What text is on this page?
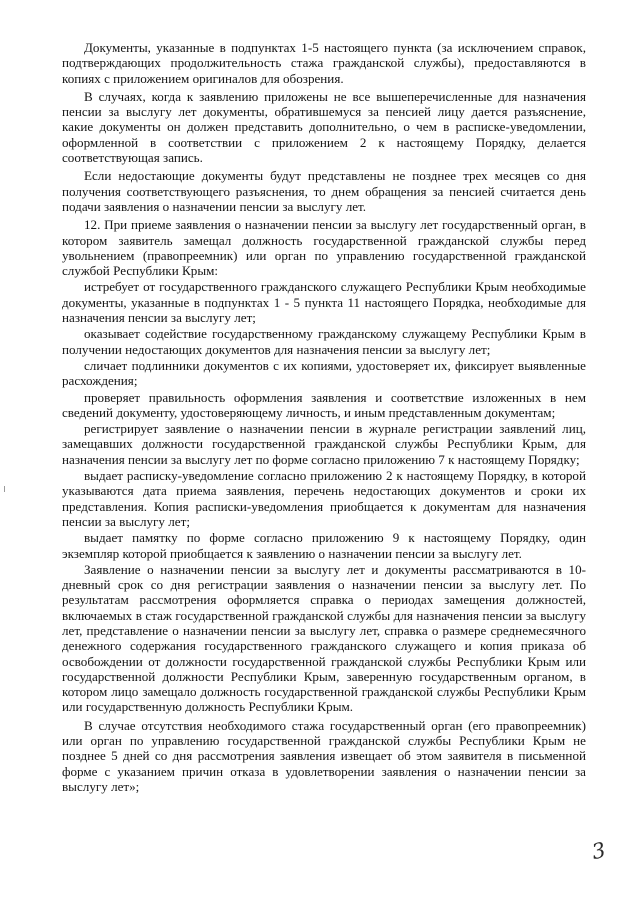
Документы, указанные в подпунктах 1-5 настоящего пункта (за исключением справок, подтверждающих продолжительность стажа гражданской службы), предоставляются в копиях с приложением оригиналов для обозрения.

В случаях, когда к заявлению приложены не все вышеперечисленные для назначения пенсии за выслугу лет документы, обратившемуся за пенсией лицу дается разъяснение, какие документы он должен представить дополнительно, о чем в расписке-уведомлении, оформленной в соответствии с приложением 2 к настоящему Порядку, делается соответствующая запись.

Если недостающие документы будут представлены не позднее трех месяцев со дня получения соответствующего разъяснения, то днем обращения за пенсией считается день подачи заявления о назначении пенсии за выслугу лет.

12. При приеме заявления о назначении пенсии за выслугу лет государственный орган, в котором заявитель замещал должность государственной гражданской службы перед увольнением (правопреемник) или орган по управлению государственной гражданской службой Республики Крым:

истребует от государственного гражданского служащего Республики Крым необходимые документы, указанные в подпунктах 1 - 5 пункта 11 настоящего Порядка, необходимые для назначения пенсии за выслугу лет;

оказывает содействие государственному гражданскому служащему Республики Крым в получении недостающих документов для назначения пенсии за выслугу лет;

сличает подлинники документов с их копиями, удостоверяет их, фиксирует выявленные расхождения;

проверяет правильность оформления заявления и соответствие изложенных в нем сведений документу, удостоверяющему личность, и иным представленным документам;

регистрирует заявление о назначении пенсии в журнале регистрации заявлений лиц, замещавших должности государственной гражданской службы Республики Крым, для назначения пенсии за выслугу лет по форме согласно приложению 7 к настоящему Порядку;

выдает расписку-уведомление согласно приложению 2 к настоящему Порядку, в которой указываются дата приема заявления, перечень недостающих документов и сроки их представления. Копия расписки-уведомления приобщается к документам для назначения пенсии за выслугу лет;

выдает памятку по форме согласно приложению 9 к настоящему Порядку, один экземпляр которой приобщается к заявлению о назначении пенсии за выслугу лет.

Заявление о назначении пенсии за выслугу лет и документы рассматриваются в 10-дневный срок со дня регистрации заявления о назначении пенсии за выслугу лет. По результатам рассмотрения оформляется справка о периодах замещения должностей, включаемых в стаж государственной гражданской службы для назначения пенсии за выслугу лет, представление о назначении пенсии за выслугу лет, справка о размере среднемесячного денежного содержания государственного гражданского служащего и копия приказа об освобождении от должности государственной гражданской службы Республики Крым или государственной должности Республики Крым, заверенную государственным органом, в котором лицо замещало должность государственной гражданской службы Республики Крым или государственную должность Республики Крым.

В случае отсутствия необходимого стажа государственный орган (его правопреемник) или орган по управлению государственной гражданской службы Республики Крым не позднее 5 дней со дня рассмотрения заявления извещает об этом заявителя в письменной форме с указанием причин отказа в удовлетворении заявления о назначении пенсии за выслугу лет»;

3
